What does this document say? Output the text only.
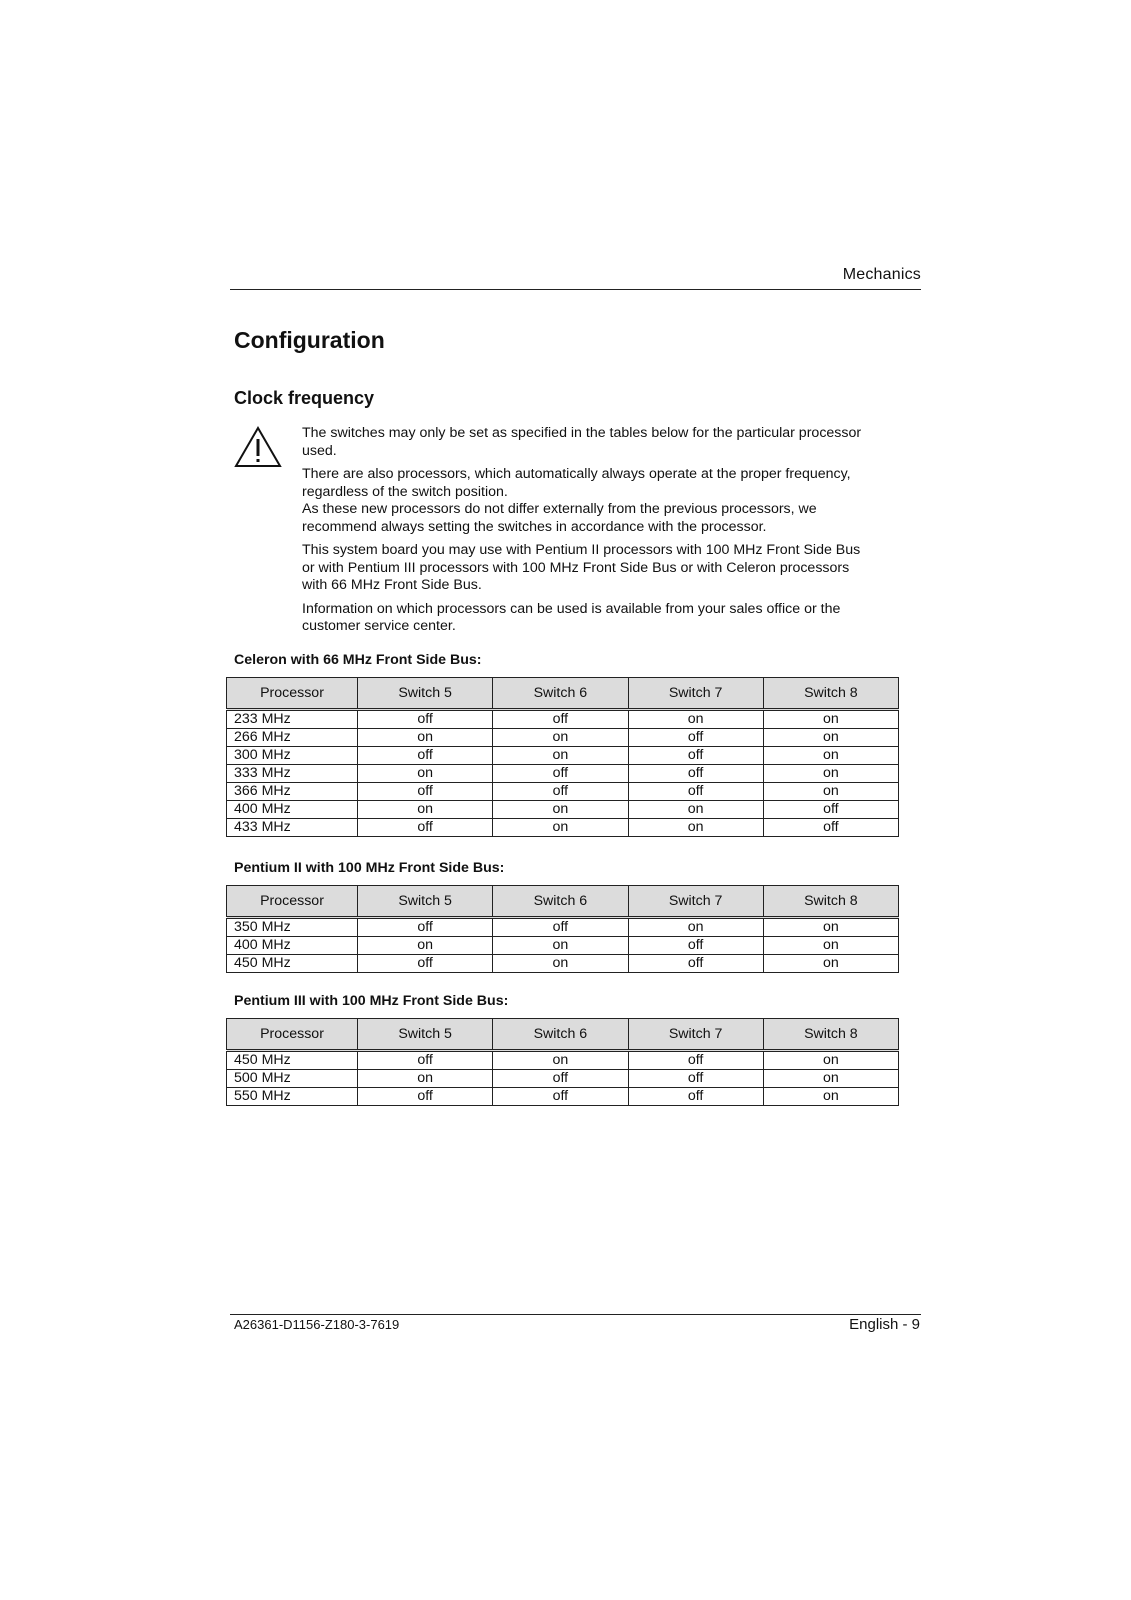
Mechanics
Configuration
Clock frequency

The switches may only be set as specified in the tables below for the particular processor
used.

There are also processors, which automatically always operate at the proper frequency,
regardless of the switch position.
As these new processors do not differ externally from the previous processors, we
recommend always setting the switches in accordance with the processor.

This system board you may use with Pentium II processors with 100 MHz Front Side Bus
or with Pentium III processors with 100 MHz Front Side Bus or with Celeron processors
with 66 MHz Front Side Bus.

Information on which processors can be used is available from your sales office or the
customer service center.

Celeron with 66 MHz Front Side Bus:
Processor	Switch 5	Switch 6	Switch 7	Switch 8
233 MHz	off	off	on	on
266 MHz	on	on	off	on
300 MHz	off	on	off	on
333 MHz	on	off	off	on
366 MHz	off	off	off	on
400 MHz	on	on	on	off
433 MHz	off	on	on	off
Pentium II with 100 MHz Front Side Bus:
Processor	Switch 5	Switch 6	Switch 7	Switch 8
350 MHz	off	off	on	on
400 MHz	on	on	off	on
450 MHz	off	on	off	on
Pentium III with 100 MHz Front Side Bus:
Processor	Switch 5	Switch 6	Switch 7	Switch 8
450 MHz	off	on	off	on
500 MHz	on	off	off	on
550 MHz	off	off	off	on
A26361-D1156-Z180-3-7619	English - 9
